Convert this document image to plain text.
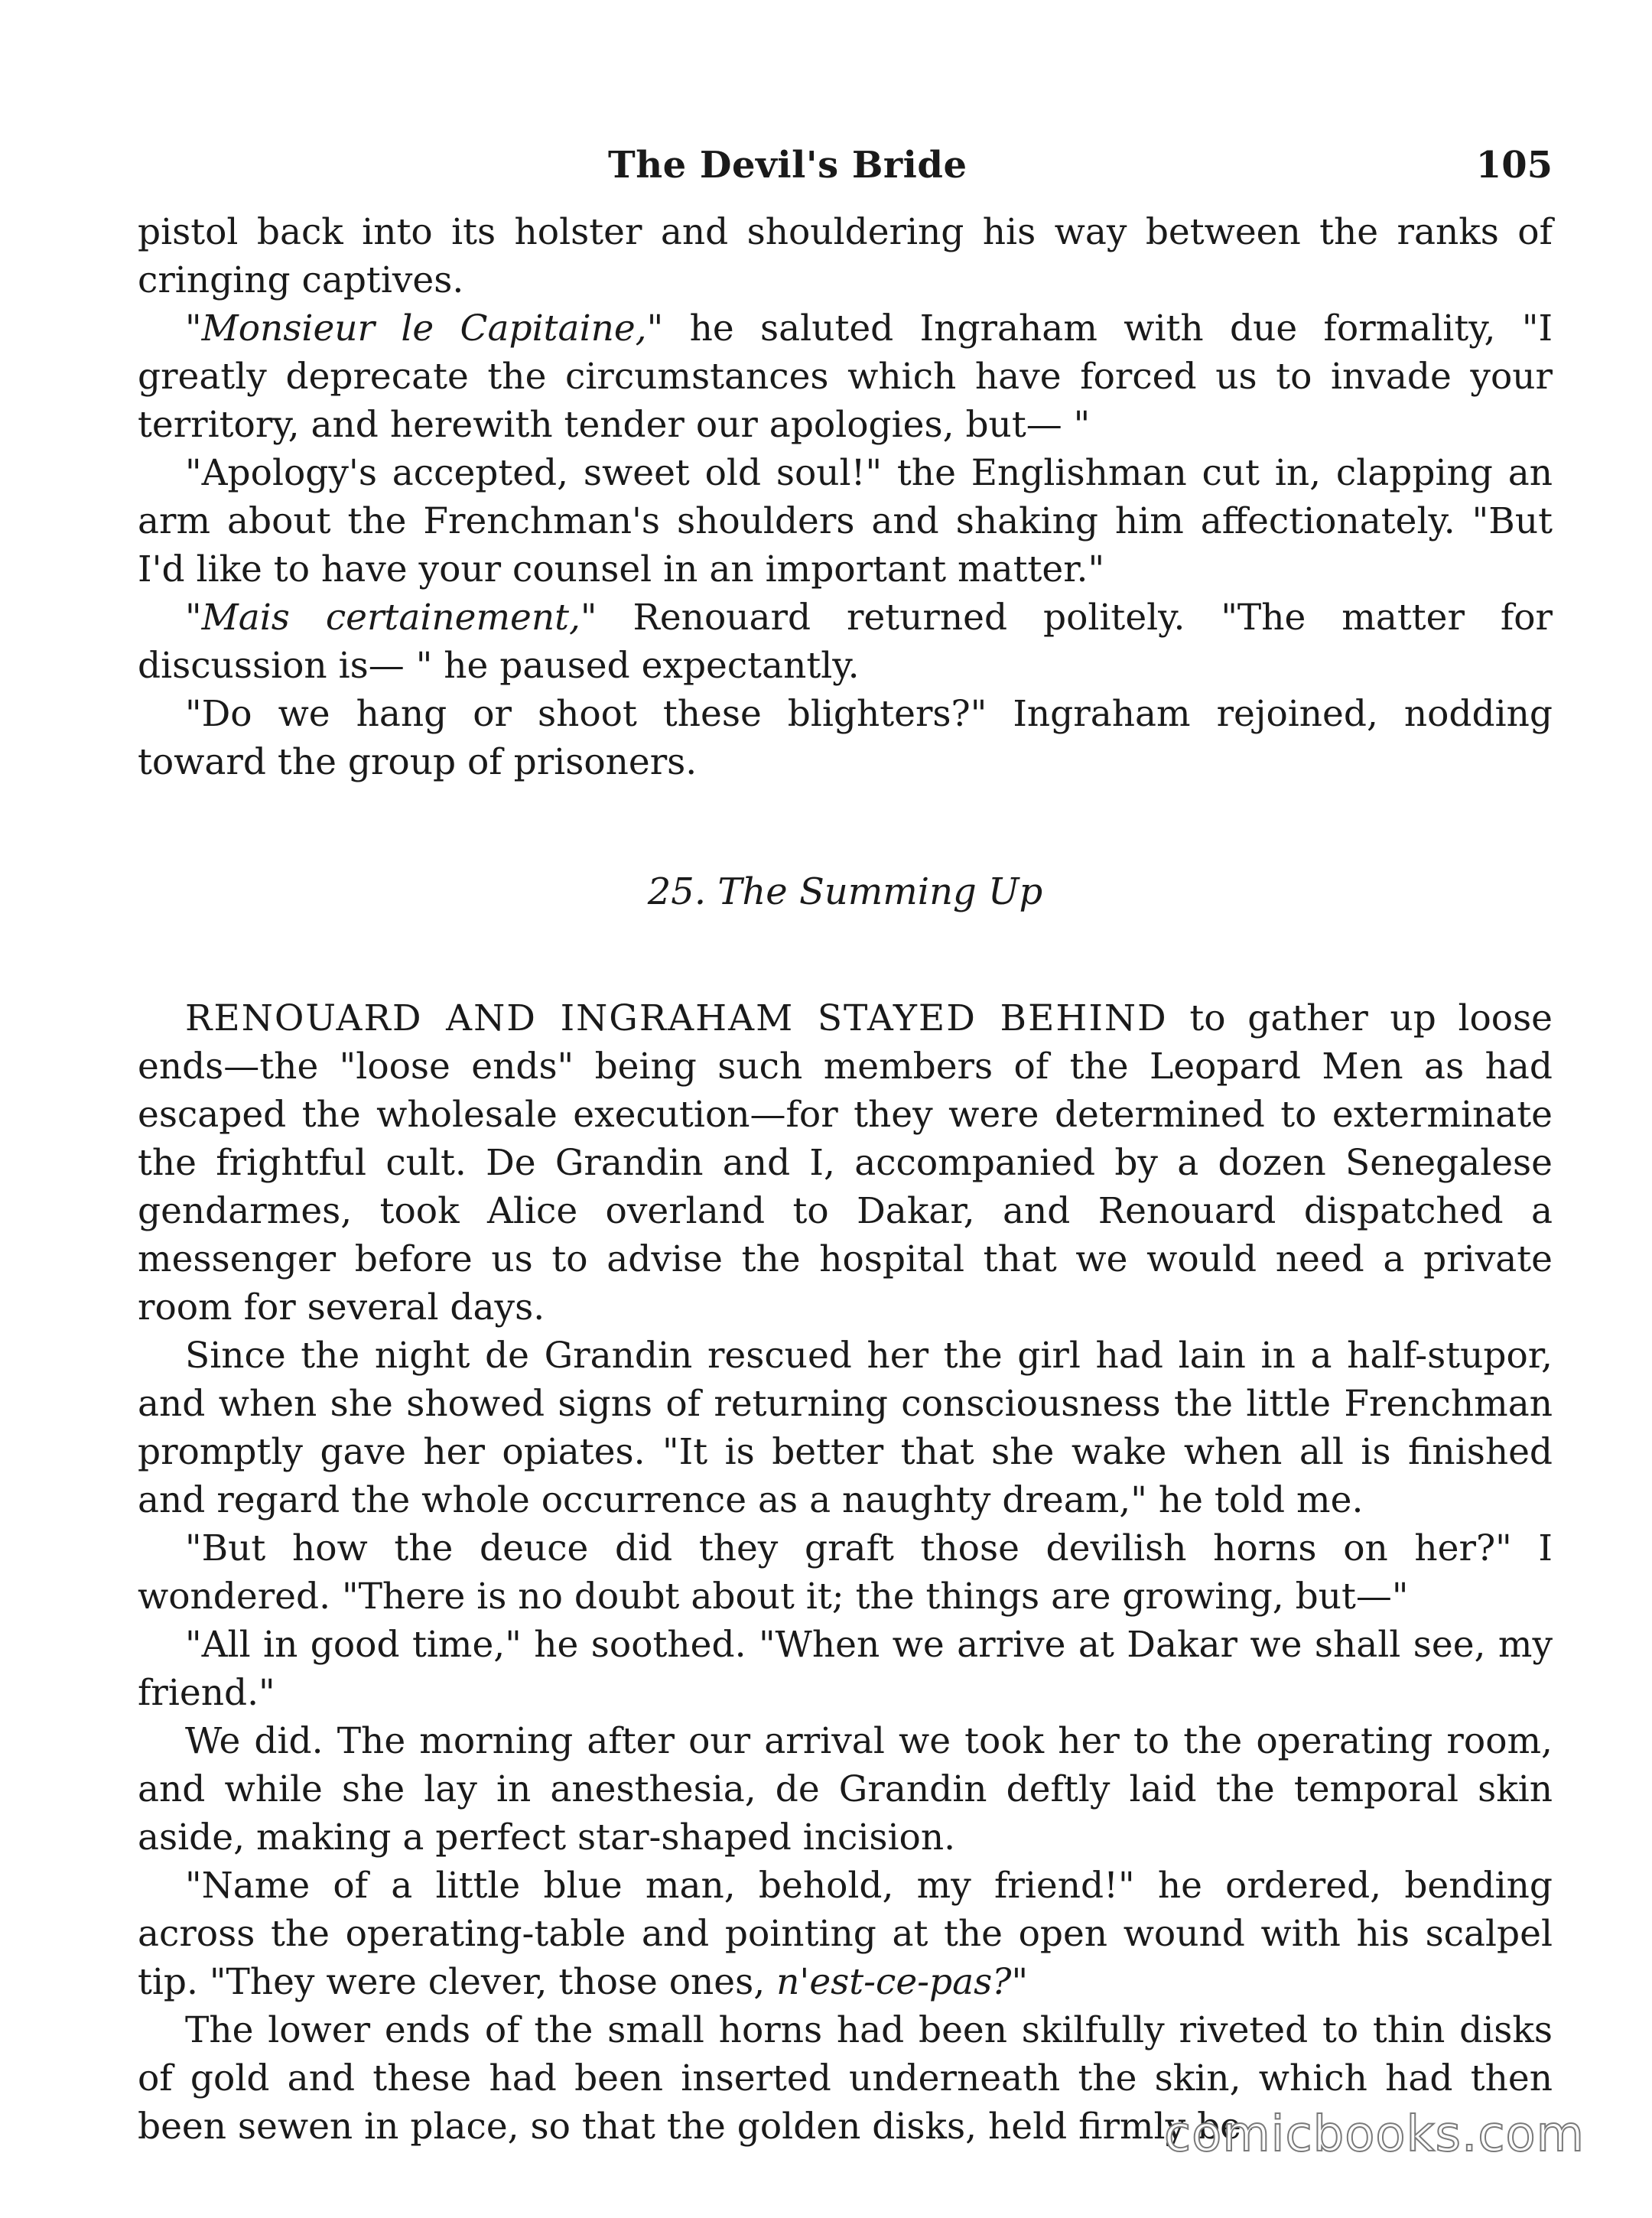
The Devil's Bride	105

pistol back into its holster and shouldering his way between the ranks of cringing captives.

"Monsieur le Capitaine," he saluted Ingraham with due formality, "I greatly deprecate the circumstances which have forced us to invade your territory, and herewith tender our apologies, but— "

"Apology's accepted, sweet old soul!" the Englishman cut in, clapping an arm about the Frenchman's shoulders and shaking him affectionately. "But I'd like to have your counsel in an important matter."

"Mais certainement," Renouard returned politely. "The matter for discussion is— " he paused expectantly.

"Do we hang or shoot these blighters?" Ingraham rejoined, nodding toward the group of prisoners.

25. The Summing Up

RENOUARD AND INGRAHAM STAYED BEHIND to gather up loose ends—the "loose ends" being such members of the Leopard Men as had escaped the wholesale execution—for they were determined to exterminate the frightful cult. De Grandin and I, accompanied by a dozen Senegalese gendarmes, took Alice overland to Dakar, and Renouard dispatched a messenger before us to advise the hospital that we would need a private room for several days.

Since the night de Grandin rescued her the girl had lain in a half-stupor, and when she showed signs of returning consciousness the little Frenchman promptly gave her opiates. "It is better that she wake when all is finished and regard the whole occurrence as a naughty dream," he told me.

"But how the deuce did they graft those devilish horns on her?" I wondered. "There is no doubt about it; the things are growing, but—"

"All in good time," he soothed. "When we arrive at Dakar we shall see, my friend."

We did. The morning after our arrival we took her to the operating room, and while she lay in anesthesia, de Grandin deftly laid the temporal skin aside, making a perfect star-shaped incision.

"Name of a little blue man, behold, my friend!" he ordered, bending across the operating-table and pointing at the open wound with his scalpel tip. "They were clever, those ones, n'est-ce-pas?"

The lower ends of the small horns had been skilfully riveted to thin disks of gold and these had been inserted underneath the skin, which had then been sewen in place, so that the golden disks, held firmly be-

comicbooks.com
